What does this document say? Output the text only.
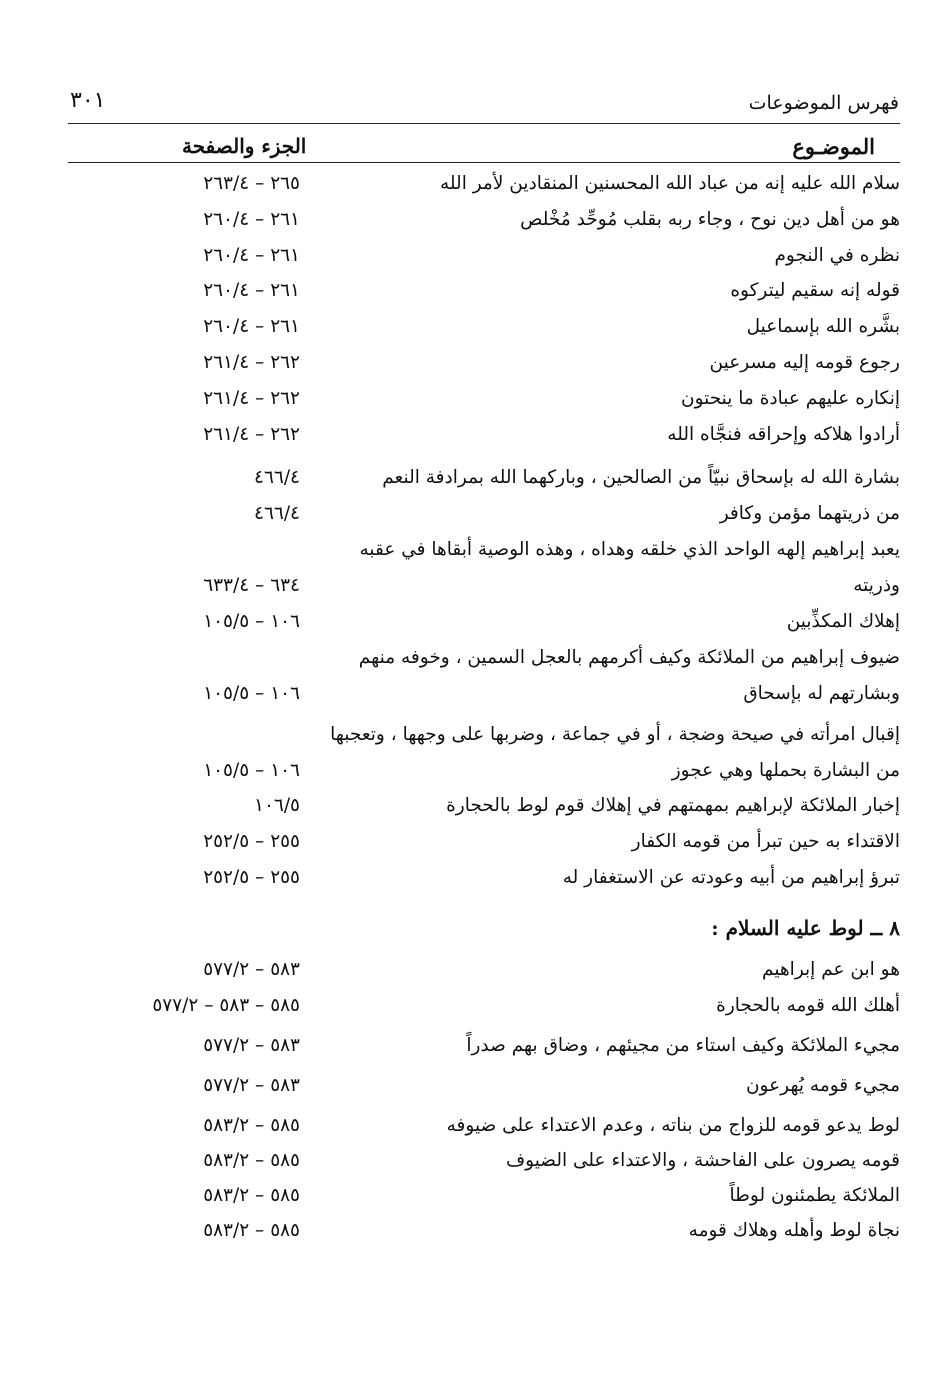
فهرس الموضوعات
٣٠١
الموضـوع
الجزء والصفحة
سلام الله عليه إنه من عباد الله المحسنين المنقادين لأمر الله
٢٦٥ – ٢٦٣/٤
هو من أهل دين نوح ، وجاء ربه بقلب مُوحِّد مُخْلص
٢٦١ – ٢٦٠/٤
نظره في النجوم
٢٦١ – ٢٦٠/٤
قوله إنه سقيم ليتركوه
٢٦١ – ٢٦٠/٤
بشَّره الله بإسماعيل
٢٦١ – ٢٦٠/٤
رجوع قومه إليه مسرعين
٢٦٢ – ٢٦١/٤
إنكاره عليهم عبادة ما ينحتون
٢٦٢ – ٢٦١/٤
أرادوا هلاكه وإحراقه فنجَّاه الله
٢٦٢ – ٢٦١/٤
بشارة الله له بإسحاق نبيّاً من الصالحين ، وباركهما الله بمرادفة النعم
٤٦٦/٤
من ذريتهما مؤمن وكافر
٤٦٦/٤
يعبد إبراهيم إلهه الواحد الذي خلقه وهداه ، وهذه الوصية أبقاها في عقبه
وذريته
٦٣٤ – ٦٣٣/٤
إهلاك المكذِّبين
١٠٦ – ١٠٥/٥
ضيوف إبراهيم من الملائكة وكيف أكرمهم بالعجل السمين ، وخوفه منهم
وبشارتهم له بإسحاق
١٠٦ – ١٠٥/٥
إقبال امرأته في صيحة وضجة ، أو في جماعة ، وضربها على وجهها ، وتعجبها
من البشارة بحملها وهي عجوز
١٠٦ – ١٠٥/٥
إخبار الملائكة لإبراهيم بمهمتهم في إهلاك قوم لوط بالحجارة
١٠٦/٥
الاقتداء به حين تبرأ من قومه الكفار
٢٥٥ – ٢٥٢/٥
تبرؤ إبراهيم من أبيه وعودته عن الاستغفار له
٢٥٥ – ٢٥٢/٥
٨ ــ لوط عليه السلام :
هو ابن عم إبراهيم
٥٨٣ – ٥٧٧/٢
أهلك الله قومه بالحجارة
٥٨٥ – ٥٨٣ – ٥٧٧/٢
مجيء الملائكة وكيف استاء من مجيئهم ، وضاق بهم صدراً
٥٨٣ – ٥٧٧/٢
مجيء قومه يُهرعون
٥٨٣ – ٥٧٧/٢
لوط يدعو قومه للزواج من بناته ، وعدم الاعتداء على ضيوفه
٥٨٥ – ٥٨٣/٢
قومه يصرون على الفاحشة ، والاعتداء على الضيوف
٥٨٥ – ٥٨٣/٢
الملائكة يطمئنون لوطاً
٥٨٥ – ٥٨٣/٢
نجاة لوط وأهله وهلاك قومه
٥٨٥ – ٥٨٣/٢
